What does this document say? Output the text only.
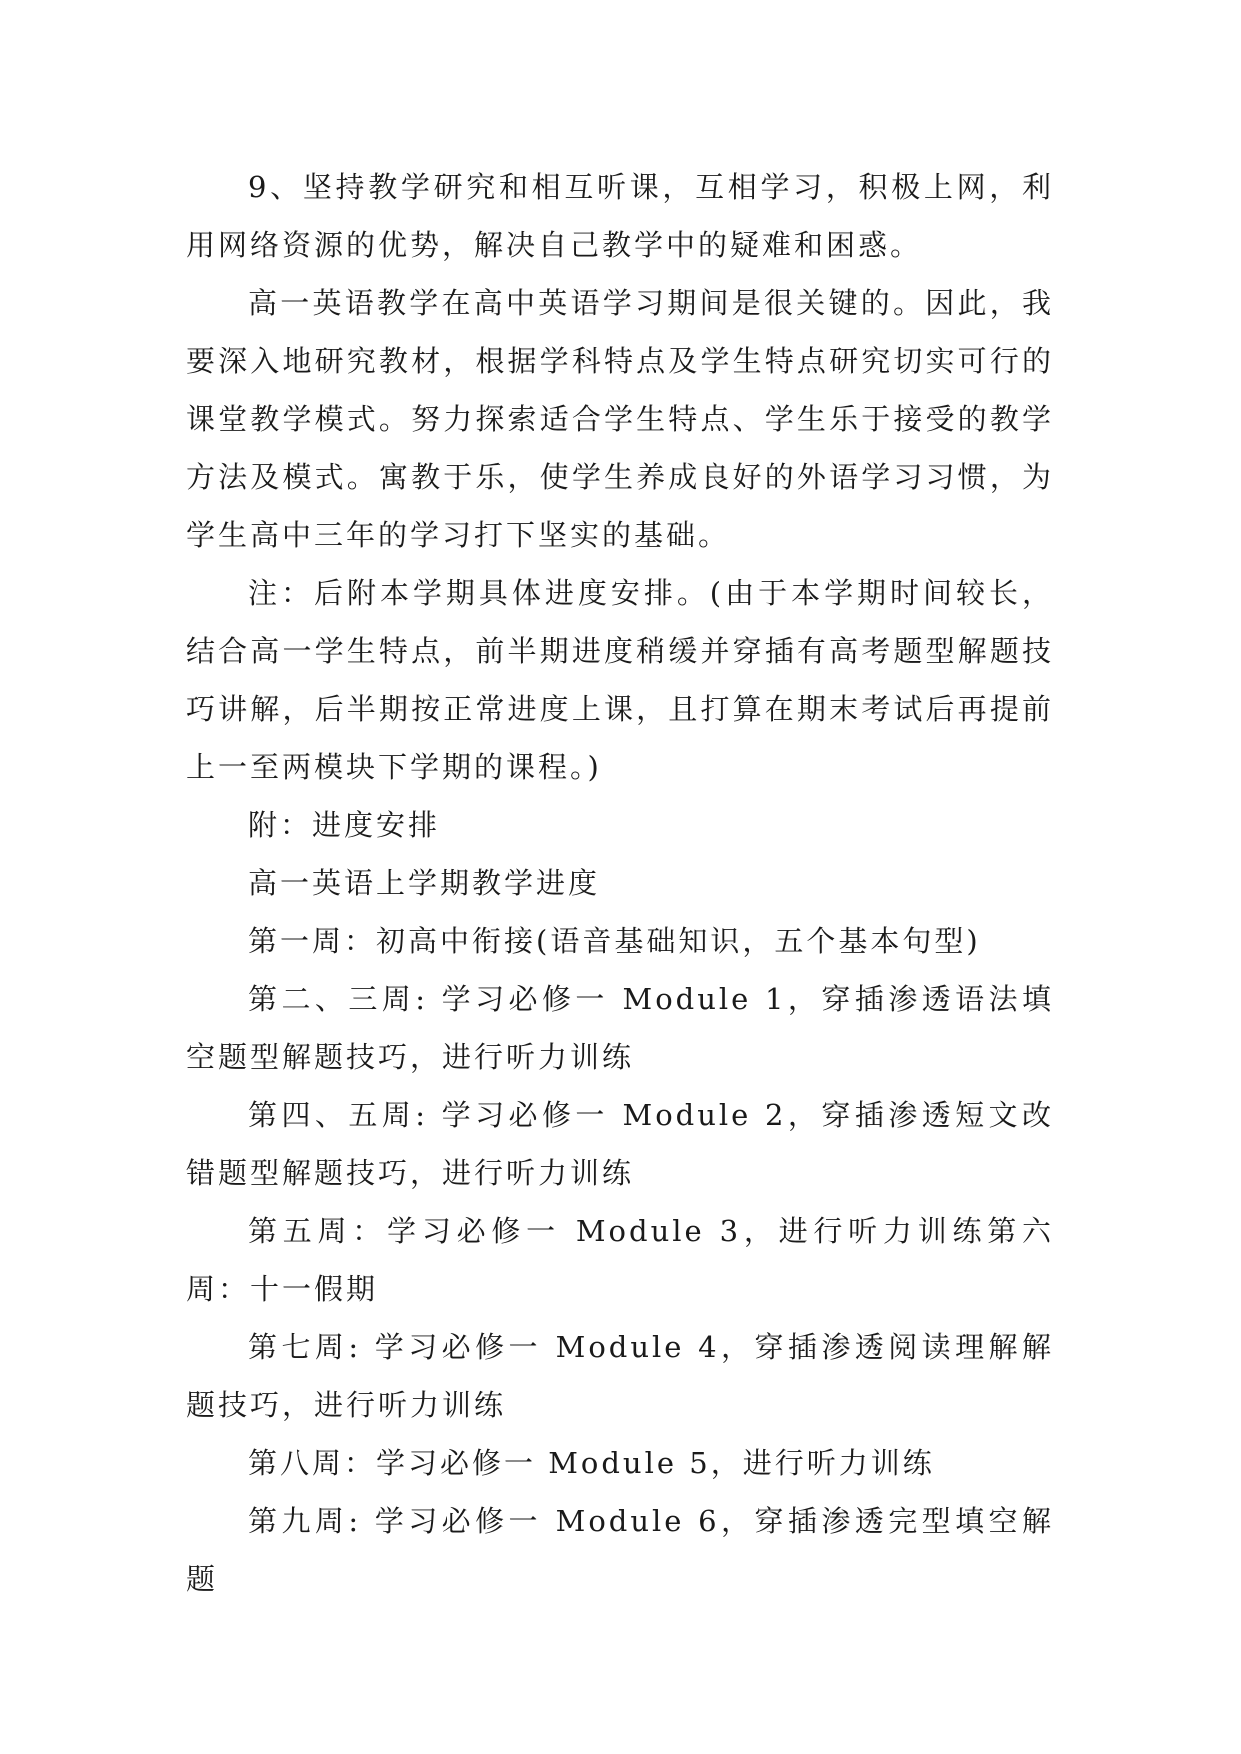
9、坚持教学研究和相互听课，互相学习，积极上网，利用网络资源的优势，解决自己教学中的疑难和困惑。

高一英语教学在高中英语学习期间是很关键的。因此，我要深入地研究教材，根据学科特点及学生特点研究切实可行的课堂教学模式。努力探索适合学生特点、学生乐于接受的教学方法及模式。寓教于乐，使学生养成良好的外语学习习惯，为学生高中三年的学习打下坚实的基础。

注：后附本学期具体进度安排。(由于本学期时间较长，结合高一学生特点，前半期进度稍缓并穿插有高考题型解题技巧讲解，后半期按正常进度上课，且打算在期末考试后再提前上一至两模块下学期的课程。)

附：进度安排

高一英语上学期教学进度

第一周：初高中衔接(语音基础知识，五个基本句型)

第二、三周: 学习必修一 Module 1，穿插渗透语法填空题型解题技巧，进行听力训练

第四、五周: 学习必修一 Module 2，穿插渗透短文改错题型解题技巧，进行听力训练

第五周：学习必修一 Module 3，进行听力训练第六周：十一假期

第七周: 学习必修一 Module 4，穿插渗透阅读理解解题技巧，进行听力训练

第八周：学习必修一 Module 5，进行听力训练

第九周: 学习必修一 Module 6，穿插渗透完型填空解题
